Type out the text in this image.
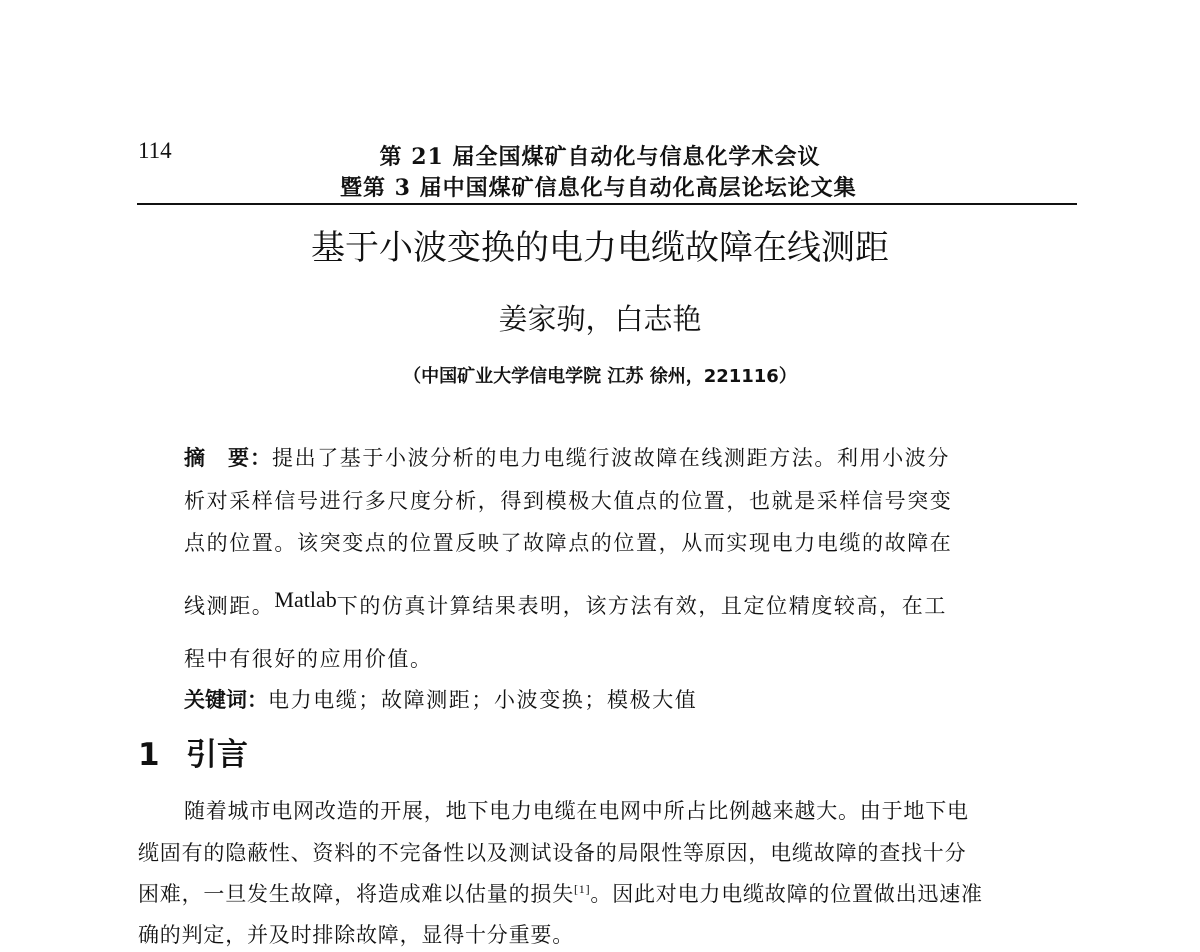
114	第 21 届全国煤矿自动化与信息化学术会议
暨第 3 届中国煤矿信息化与自动化高层论坛论文集
基于小波变换的电力电缆故障在线测距
姜家驹，白志艳
（中国矿业大学信电学院 江苏 徐州，221116）
摘　要：提出了基于小波分析的电力电缆行波故障在线测距方法。利用小波分
析对采样信号进行多尺度分析，得到模极大值点的位置，也就是采样信号突变
点的位置。该突变点的位置反映了故障点的位置，从而实现电力电缆的故障在
线测距。Matlab下的仿真计算结果表明，该方法有效，且定位精度较高，在工
程中有很好的应用价值。
关键词：电力电缆；故障测距；小波变换；模极大值
1 引言
随着城市电网改造的开展，地下电力电缆在电网中所占比例越来越大。由于地下电
缆固有的隐蔽性、资料的不完备性以及测试设备的局限性等原因，电缆故障的查找十分
困难，一旦发生故障，将造成难以估量的损失[1]。因此对电力电缆故障的位置做出迅速准
确的判定，并及时排除故障，显得十分重要。
